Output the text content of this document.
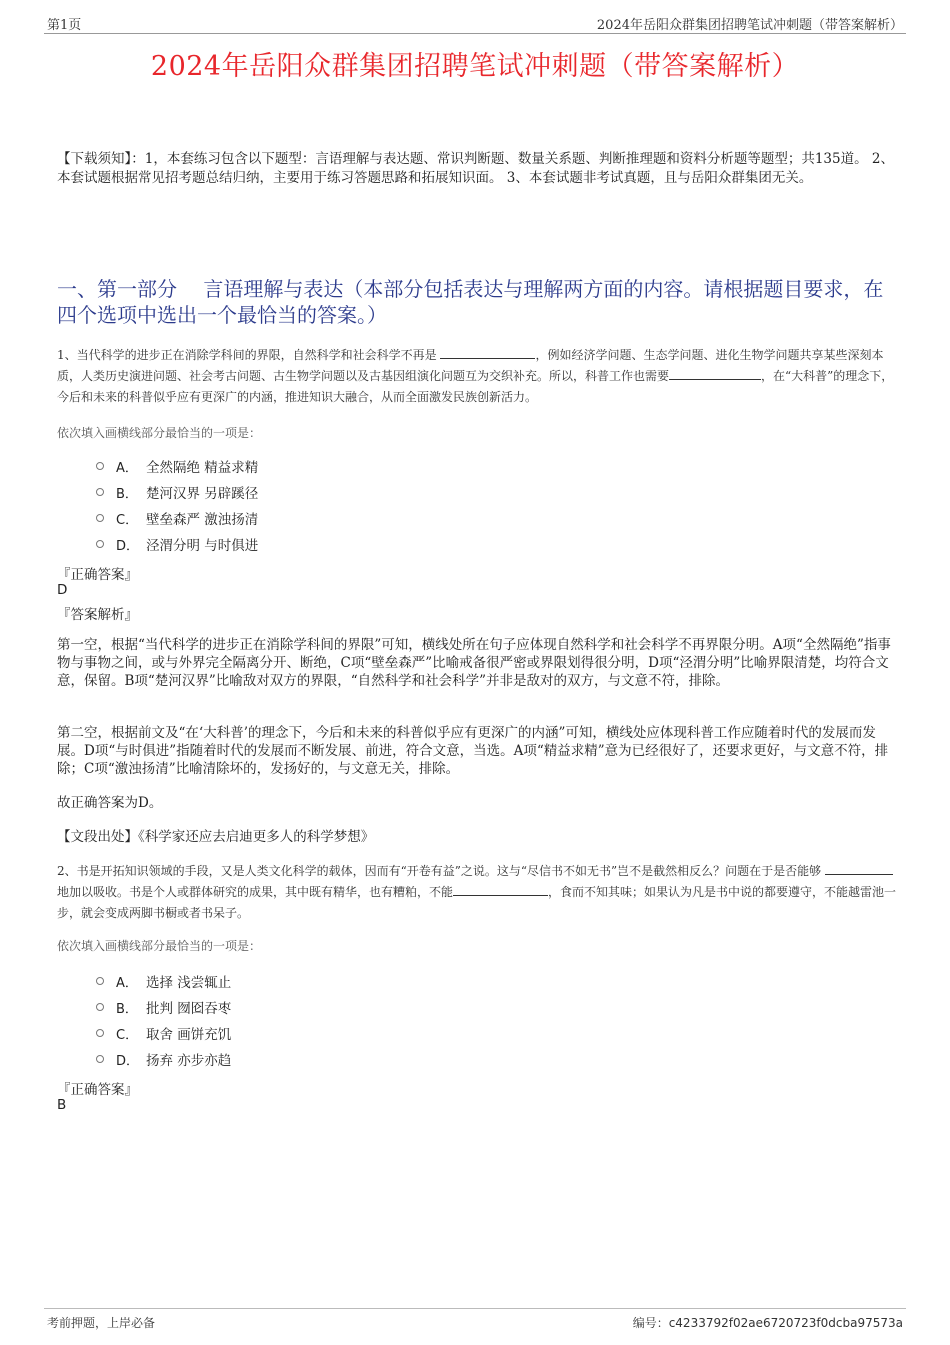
第1页	2024年岳阳众群集团招聘笔试冲刺题（带答案解析）
2024年岳阳众群集团招聘笔试冲刺题（带答案解析）
【下载须知】：1，本套练习包含以下题型：言语理解与表达题、常识判断题、数量关系题、判断推理题和资料分析题等题型；共135道。 2、本套试题根据常见招考题总结归纳，主要用于练习答题思路和拓展知识面。 3、本套试题非考试真题，且与岳阳众群集团无关。
一、第一部分　 言语理解与表达（本部分包括表达与理解两方面的内容。请根据题目要求，在四个选项中选出一个最恰当的答案。）
1、当代科学的进步正在消除学科间的界限，自然科学和社会科学不再是	，例如经济学问题、生态学问题、进化生物学问题共享某些深刻本质，人类历史演进问题、社会考古问题、古生物学问题以及古基因组演化问题互为交织补充。所以，科普工作也需要	，在“大科普”的理念下，今后和未来的科普似乎应有更深广的内涵，推进知识大融合，从而全面激发民族创新活力。
依次填入画横线部分最恰当的一项是：
A． 全然隔绝 精益求精
B． 楚河汉界 另辟蹊径
C． 壁垒森严 激浊扬清
D． 泾渭分明 与时俱进
『正确答案』
D
『答案解析』

第一空，根据“当代科学的进步正在消除学科间的界限”可知，横线处所在句子应体现自然科学和社会科学不再界限分明。A项“全然隔绝”指事物与事物之间，或与外界完全隔离分开、断绝，C项“壁垒森严”比喻戒备很严密或界限划得很分明，D项“泾渭分明”比喻界限清楚，均符合文意，保留。B项“楚河汉界”比喻敌对双方的界限，“自然科学和社会科学”并非是敌对的双方，与文意不符，排除。

第二空，根据前文及“在‘大科普’的理念下，今后和未来的科普似乎应有更深广的内涵”可知，横线处应体现科普工作应随着时代的发展而发展。D项“与时俱进”指随着时代的发展而不断发展、前进，符合文意，当选。A项“精益求精”意为已经很好了，还要求更好，与文意不符，排除；C项“激浊扬清”比喻清除坏的，发扬好的，与文意无关，排除。

故正确答案为D。

【文段出处】《科学家还应去启迪更多人的科学梦想》

2、书是开拓知识领域的手段，又是人类文化科学的载体，因而有“开卷有益”之说。这与“尽信书不如无书”岂不是截然相反么？问题在于是否能够 地加以吸收。书是个人或群体研究的成果，其中既有精华，也有糟粕，不能	，食而不知其味；如果认为凡是书中说的都要遵守，不能越雷池一步，就会变成两脚书橱或者书呆子。
依次填入画横线部分最恰当的一项是：
A． 选择 浅尝辄止
B． 批判 囫囵吞枣
C． 取舍 画饼充饥
D． 扬弃 亦步亦趋
『正确答案』
B
考前押题，上岸必备	编号：c4233792f02ae6720723f0dcba97573a
